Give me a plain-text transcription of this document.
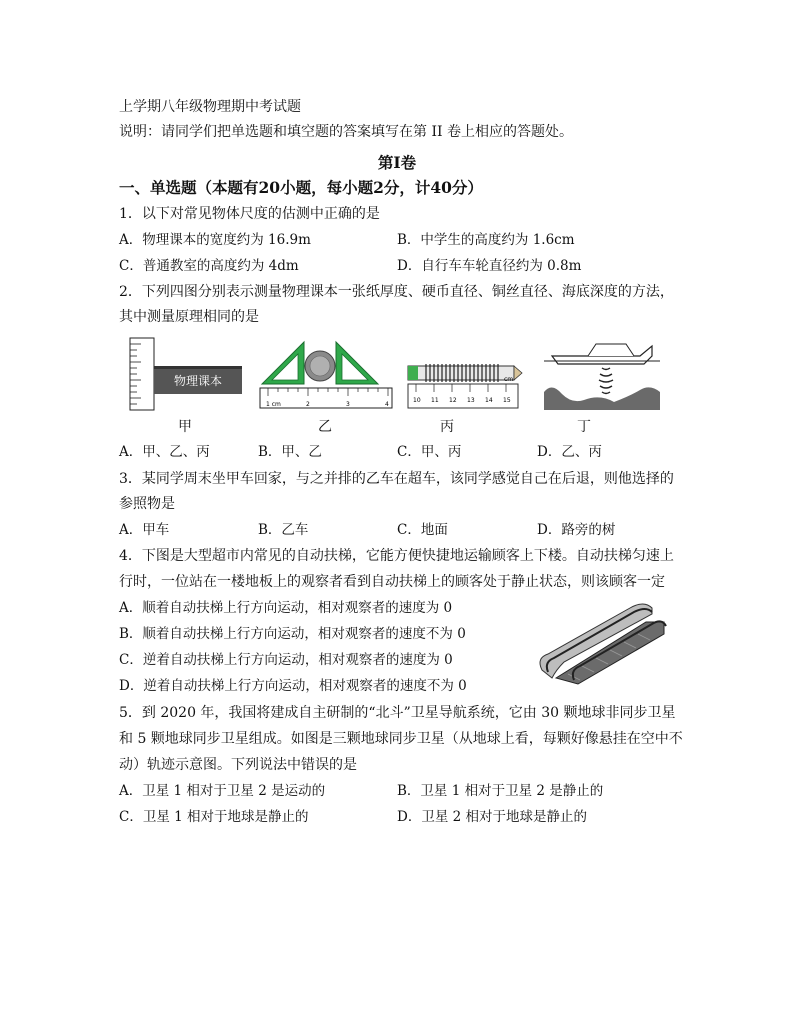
上学期八年级物理期中考试题
说明：请同学们把单选题和填空题的答案填写在第 II 卷上相应的答题处。
第Ⅰ卷
一、单选题（本题有20小题，每小题2分，计40分）
1．以下对常见物体尺度的估测中正确的是
A．物理课本的宽度约为 16.9m	B．中学生的高度约为 1.6cm
C．普通教室的高度约为 4dm	D．自行车车轮直径约为 0.8m
2．下列四图分别表示测量物理课本一张纸厚度、硬币直径、铜丝直径、海底深度的方法，
其中测量原理相同的是
物理课本
甲
1 cm	2	3	4
乙
10 11 12 13 14 15
cm
丙	丁
A．甲、乙、丙	B．甲、乙	C．甲、丙	D．乙、丙
3．某同学周末坐甲车回家，与之并排的乙车在超车，该同学感觉自己在后退，则他选择的
参照物是
A．甲车	B．乙车	C．地面	D．路旁的树
4．下图是大型超市内常见的自动扶梯，它能方便快捷地运输顾客上下楼。自动扶梯匀速上
行时，一位站在一楼地板上的观察者看到自动扶梯上的顾客处于静止状态，则该顾客一定
A．顺着自动扶梯上行方向运动，相对观察者的速度为 0
B．顺着自动扶梯上行方向运动，相对观察者的速度不为 0
C．逆着自动扶梯上行方向运动，相对观察者的速度为 0
D．逆着自动扶梯上行方向运动，相对观察者的速度不为 0
5．到 2020 年，我国将建成自主研制的“北斗”卫星导航系统，它由 30 颗地球非同步卫星
和 5 颗地球同步卫星组成。如图是三颗地球同步卫星（从地球上看，每颗好像悬挂在空中不
动）轨迹示意图。下列说法中错误的是
A．卫星 1 相对于卫星 2 是运动的	B．卫星 1 相对于卫星 2 是静止的
C．卫星 1 相对于地球是静止的	D．卫星 2 相对于地球是静止的
